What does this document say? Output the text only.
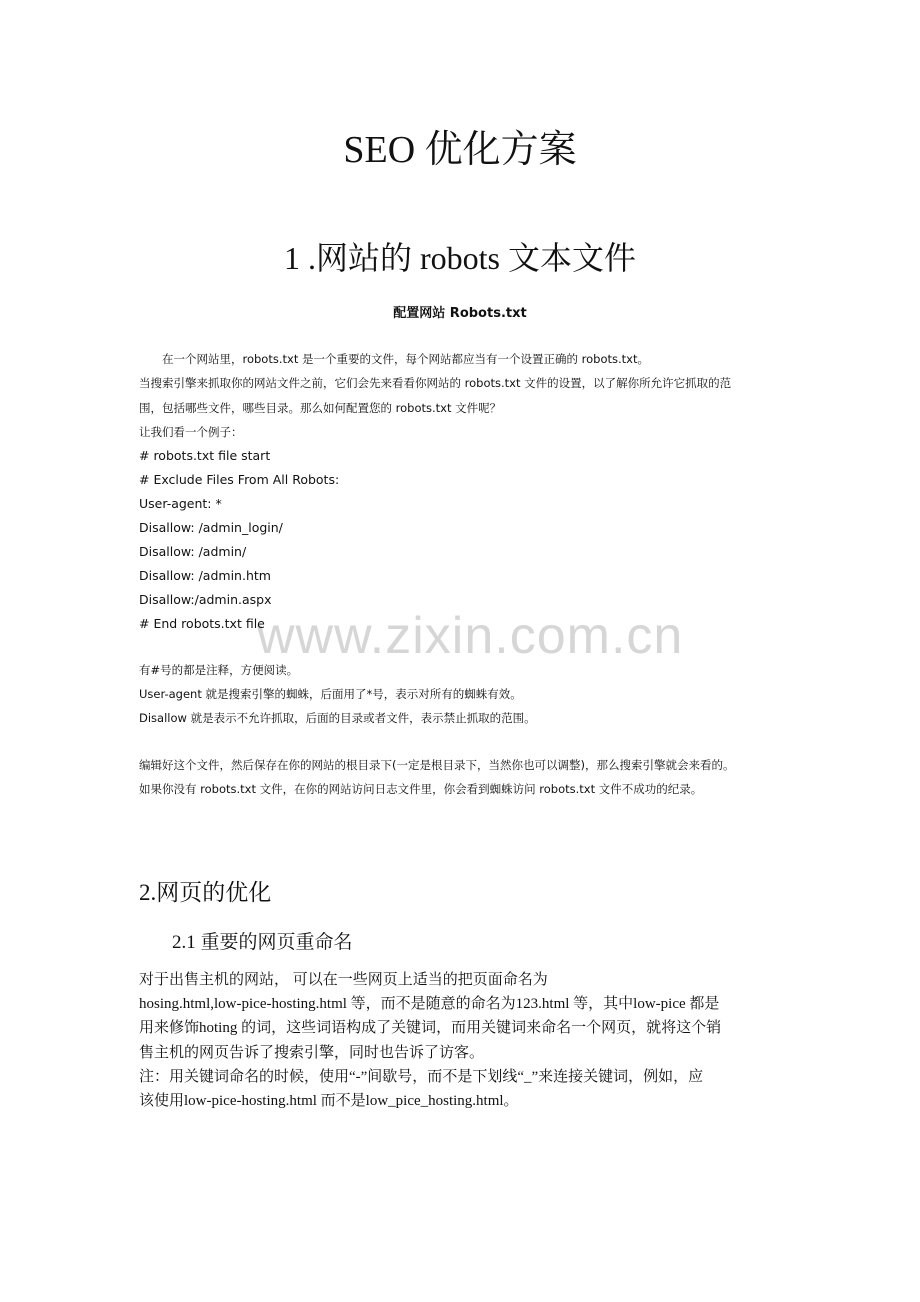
www.zixin.com.cn
SEO 优化方案
1 .网站的 robots 文本文件
配置网站 Robots.txt
　　在一个网站里，robots.txt 是一个重要的文件，每个网站都应当有一个设置正确的 robots.txt。
当搜索引擎来抓取你的网站文件之前，它们会先来看看你网站的 robots.txt 文件的设置，以了解你所允许它抓取的范
围，包括哪些文件，哪些目录。那么如何配置您的 robots.txt 文件呢？
让我们看一个例子：
# robots.txt file start
# Exclude Files From All Robots:
User-agent: *
Disallow: /admin_login/
Disallow: /admin/
Disallow: /admin.htm
Disallow:/admin.aspx
# End robots.txt file
有#号的都是注释，方便阅读。
User-agent 就是搜索引擎的蜘蛛，后面用了*号，表示对所有的蜘蛛有效。
Disallow 就是表示不允许抓取，后面的目录或者文件，表示禁止抓取的范围。
编辑好这个文件，然后保存在你的网站的根目录下(一定是根目录下，当然你也可以调整)，那么搜索引擎就会来看的。
如果你没有 robots.txt 文件，在你的网站访问日志文件里，你会看到蜘蛛访问 robots.txt 文件不成功的纪录。
2.网页的优化
2.1 重要的网页重命名
对于出售主机的网站， 可以在一些网页上适当的把页面命名为
hosing.html,low-pice-hosting.html 等，而不是随意的命名为123.html 等，其中low-pice 都是
用来修饰hoting 的词，这些词语构成了关键词，而用关键词来命名一个网页，就将这个销
售主机的网页告诉了搜索引擎，同时也告诉了访客。
注：用关键词命名的时候，使用“-”间歇号，而不是下划线“_”来连接关键词，例如，应
该使用low-pice-hosting.html 而不是low_pice_hosting.html。
